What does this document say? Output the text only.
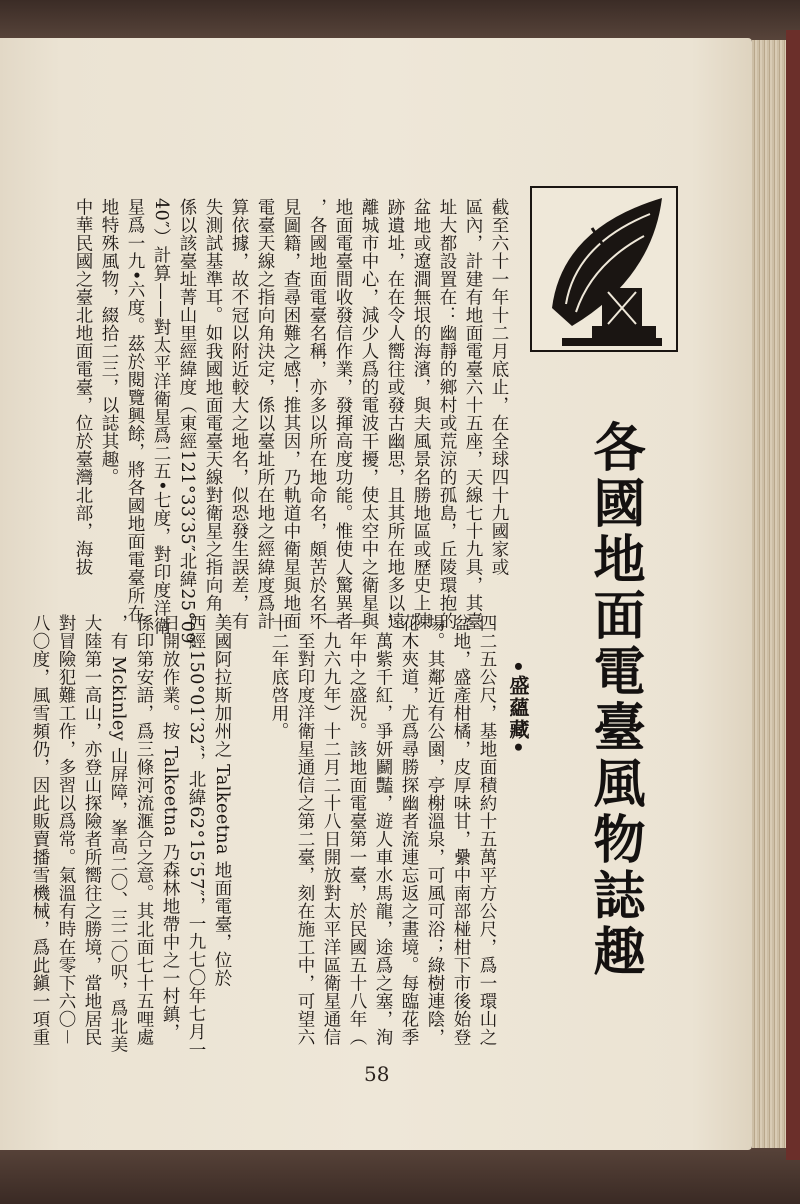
截至六十一年十二月底止，在全球四十九國家或
區內，計建有地面電臺六十五座，天線七十九具，其臺
址大都設置在：幽靜的鄉村或荒涼的孤島，丘陵環抱的
盆地或遼澗無垠的海濱，與夫風景名勝地區或歷史上陳
跡遺址，在在令人嚮往或發古幽思，且其所在地多以遠
離城市中心，減少人爲的電波干擾，使太空中之衛星與
地面電臺間收發信作業，發揮高度功能。惟使人驚異者
，各國地面電臺名稱，亦多以所在地命名，頗苦於名不
見圖籍，查尋困難之感！推其因，乃軌道中衛星與地面
電臺天線之指向角決定，係以臺址所在地之經緯度爲計
算依據，故不冠以附近較大之地名，似恐發生誤差，有
失測試基準耳。如我國地面電臺天線對衛星之指向角，
係以該臺址菁山里經緯度（東經121°33′35″北緯25°09′
40″）計算——對太平洋衛星爲二五•七度，對印度洋衛
星爲一九•六度。茲於閱覽興餘，將各國地面電臺所在
地特殊風物，綴拾二三，以誌其趣。
中華民國之臺北地面電臺，位於臺灣北部，海拔
四二五公尺，基地面積約十五萬平方公尺，爲一環山之
盆地，盛產柑橘，皮厚味甘，纍中南部椪柑下市後始登
場。其鄰近有公園，亭榭溫泉，可風可浴；綠樹連陰，
花木夾道，尤爲尋勝探幽者流連忘返之畫境。每臨花季
，萬紫千紅，爭妍鬬豔，遊人車水馬龍，途爲之塞，洵
一年中之盛況。該地面電臺第一臺，於民國五十八年（
一九六九年）十二月二十八日開放對太平洋區衛星通信
，至對印度洋衛星通信之第二臺，刻在施工中，可望六
十二年底啓用。
美國阿拉斯加州之 Talkeetna 地面電臺，位於
西經150°01′32″，北緯62°15′57″，一九七〇年七月一
日開放作業。按 Talkeetna 乃森林地帶中之一村鎮，
係印第安語，爲三條河流滙合之意。其北面七十五哩處
，有 Mckinley 山屏障，峯高二〇、三二〇呎，爲北美
大陸第一高山，亦登山探險者所嚮往之勝境，當地居民
對冒險犯難工作，多習以爲常。氣溫有時在零下六〇－
八〇度，風雪頻仍，因此販賣播雪機械，爲此鎭一項重	各國地面電臺風物誌趣
•盛蘊藏•
58
